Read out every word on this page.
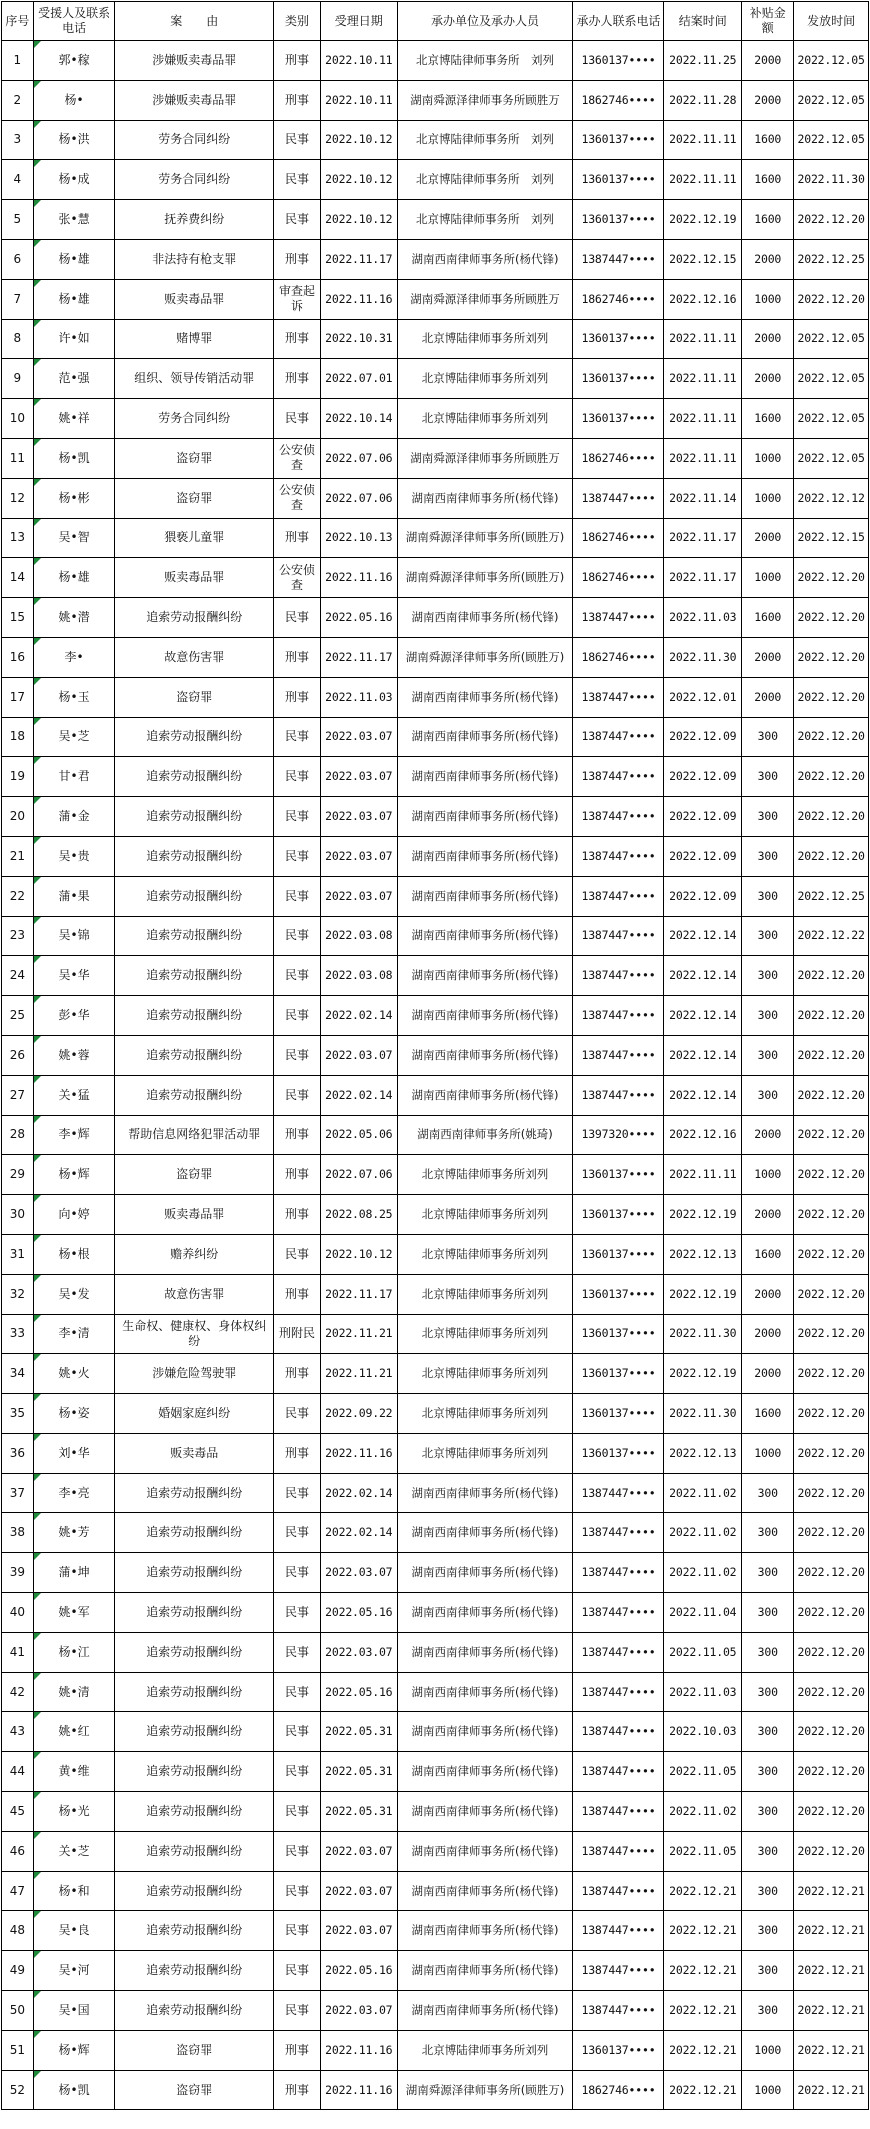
序号	受援人及联系电话	案　　由	类别	受理日期	承办单位及承办人员	承办人联系电话	结案时间	补贴金额	发放时间
1	郭•稼	涉嫌贩卖毒品罪	刑事	2022.10.11	北京博陆律师事务所　刘列	1360137••••	2022.11.25	2000	2022.12.05
2	杨•	涉嫌贩卖毒品罪	刑事	2022.10.11	湖南舜源泽律师事务所顾胜万	1862746••••	2022.11.28	2000	2022.12.05
3	杨•洪	劳务合同纠纷	民事	2022.10.12	北京博陆律师事务所　刘列	1360137••••	2022.11.11	1600	2022.12.05
4	杨•成	劳务合同纠纷	民事	2022.10.12	北京博陆律师事务所　刘列	1360137••••	2022.11.11	1600	2022.11.30
5	张•慧	抚养费纠纷	民事	2022.10.12	北京博陆律师事务所　刘列	1360137••••	2022.12.19	1600	2022.12.20
6	杨•雄	非法持有枪支罪	刑事	2022.11.17	湖南西南律师事务所(杨代锋)	1387447••••	2022.12.15	2000	2022.12.25
7	杨•雄	贩卖毒品罪	审查起诉	2022.11.16	湖南舜源泽律师事务所顾胜万	1862746••••	2022.12.16	1000	2022.12.20
8	许•如	赌博罪	刑事	2022.10.31	北京博陆律师事务所刘列	1360137••••	2022.11.11	2000	2022.12.05
9	范•强	组织、领导传销活动罪	刑事	2022.07.01	北京博陆律师事务所刘列	1360137••••	2022.11.11	2000	2022.12.05
10	姚•祥	劳务合同纠纷	民事	2022.10.14	北京博陆律师事务所刘列	1360137••••	2022.11.11	1600	2022.12.05
11	杨•凯	盗窃罪	公安侦查	2022.07.06	湖南舜源泽律师事务所顾胜万	1862746••••	2022.11.11	1000	2022.12.05
12	杨•彬	盗窃罪	公安侦查	2022.07.06	湖南西南律师事务所(杨代锋)	1387447••••	2022.11.14	1000	2022.12.12
13	吴•智	猥亵儿童罪	刑事	2022.10.13	湖南舜源泽律师事务所(顾胜万)	1862746••••	2022.11.17	2000	2022.12.15
14	杨•雄	贩卖毒品罪	公安侦查	2022.11.16	湖南舜源泽律师事务所(顾胜万)	1862746••••	2022.11.17	1000	2022.12.20
15	姚•潜	追索劳动报酬纠纷	民事	2022.05.16	湖南西南律师事务所(杨代锋)	1387447••••	2022.11.03	1600	2022.12.20
16	李•	故意伤害罪	刑事	2022.11.17	湖南舜源泽律师事务所(顾胜万)	1862746••••	2022.11.30	2000	2022.12.20
17	杨•玉	盗窃罪	刑事	2022.11.03	湖南西南律师事务所(杨代锋)	1387447••••	2022.12.01	2000	2022.12.20
18	吴•芝	追索劳动报酬纠纷	民事	2022.03.07	湖南西南律师事务所(杨代锋)	1387447••••	2022.12.09	300	2022.12.20
19	甘•君	追索劳动报酬纠纷	民事	2022.03.07	湖南西南律师事务所(杨代锋)	1387447••••	2022.12.09	300	2022.12.20
20	蒲•金	追索劳动报酬纠纷	民事	2022.03.07	湖南西南律师事务所(杨代锋)	1387447••••	2022.12.09	300	2022.12.20
21	吴•贵	追索劳动报酬纠纷	民事	2022.03.07	湖南西南律师事务所(杨代锋)	1387447••••	2022.12.09	300	2022.12.20
22	蒲•果	追索劳动报酬纠纷	民事	2022.03.07	湖南西南律师事务所(杨代锋)	1387447••••	2022.12.09	300	2022.12.25
23	吴•锦	追索劳动报酬纠纷	民事	2022.03.08	湖南西南律师事务所(杨代锋)	1387447••••	2022.12.14	300	2022.12.22
24	吴•华	追索劳动报酬纠纷	民事	2022.03.08	湖南西南律师事务所(杨代锋)	1387447••••	2022.12.14	300	2022.12.20
25	彭•华	追索劳动报酬纠纷	民事	2022.02.14	湖南西南律师事务所(杨代锋)	1387447••••	2022.12.14	300	2022.12.20
26	姚•蓉	追索劳动报酬纠纷	民事	2022.03.07	湖南西南律师事务所(杨代锋)	1387447••••	2022.12.14	300	2022.12.20
27	关•猛	追索劳动报酬纠纷	民事	2022.02.14	湖南西南律师事务所(杨代锋)	1387447••••	2022.12.14	300	2022.12.20
28	李•辉	帮助信息网络犯罪活动罪	刑事	2022.05.06	湖南西南律师事务所(姚琦)	1397320••••	2022.12.16	2000	2022.12.20
29	杨•辉	盗窃罪	刑事	2022.07.06	北京博陆律师事务所刘列	1360137••••	2022.11.11	1000	2022.12.20
30	向•婷	贩卖毒品罪	刑事	2022.08.25	北京博陆律师事务所刘列	1360137••••	2022.12.19	2000	2022.12.20
31	杨•根	赡养纠纷	民事	2022.10.12	北京博陆律师事务所刘列	1360137••••	2022.12.13	1600	2022.12.20
32	吴•发	故意伤害罪	刑事	2022.11.17	北京博陆律师事务所刘列	1360137••••	2022.12.19	2000	2022.12.20
33	李•清	生命权、健康权、身体权纠纷	刑附民	2022.11.21	北京博陆律师事务所刘列	1360137••••	2022.11.30	2000	2022.12.20
34	姚•火	涉嫌危险驾驶罪	刑事	2022.11.21	北京博陆律师事务所刘列	1360137••••	2022.12.19	2000	2022.12.20
35	杨•姿	婚姻家庭纠纷	民事	2022.09.22	北京博陆律师事务所刘列	1360137••••	2022.11.30	1600	2022.12.20
36	刘•华	贩卖毒品	刑事	2022.11.16	北京博陆律师事务所刘列	1360137••••	2022.12.13	1000	2022.12.20
37	李•亮	追索劳动报酬纠纷	民事	2022.02.14	湖南西南律师事务所(杨代锋)	1387447••••	2022.11.02	300	2022.12.20
38	姚•芳	追索劳动报酬纠纷	民事	2022.02.14	湖南西南律师事务所(杨代锋)	1387447••••	2022.11.02	300	2022.12.20
39	蒲•坤	追索劳动报酬纠纷	民事	2022.03.07	湖南西南律师事务所(杨代锋)	1387447••••	2022.11.02	300	2022.12.20
40	姚•军	追索劳动报酬纠纷	民事	2022.05.16	湖南西南律师事务所(杨代锋)	1387447••••	2022.11.04	300	2022.12.20
41	杨•江	追索劳动报酬纠纷	民事	2022.03.07	湖南西南律师事务所(杨代锋)	1387447••••	2022.11.05	300	2022.12.20
42	姚•清	追索劳动报酬纠纷	民事	2022.05.16	湖南西南律师事务所(杨代锋)	1387447••••	2022.11.03	300	2022.12.20
43	姚•红	追索劳动报酬纠纷	民事	2022.05.31	湖南西南律师事务所(杨代锋)	1387447••••	2022.10.03	300	2022.12.20
44	黄•维	追索劳动报酬纠纷	民事	2022.05.31	湖南西南律师事务所(杨代锋)	1387447••••	2022.11.05	300	2022.12.20
45	杨•光	追索劳动报酬纠纷	民事	2022.05.31	湖南西南律师事务所(杨代锋)	1387447••••	2022.11.02	300	2022.12.20
46	关•芝	追索劳动报酬纠纷	民事	2022.03.07	湖南西南律师事务所(杨代锋)	1387447••••	2022.11.05	300	2022.12.20
47	杨•和	追索劳动报酬纠纷	民事	2022.03.07	湖南西南律师事务所(杨代锋)	1387447••••	2022.12.21	300	2022.12.21
48	吴•良	追索劳动报酬纠纷	民事	2022.03.07	湖南西南律师事务所(杨代锋)	1387447••••	2022.12.21	300	2022.12.21
49	吴•河	追索劳动报酬纠纷	民事	2022.05.16	湖南西南律师事务所(杨代锋)	1387447••••	2022.12.21	300	2022.12.21
50	吴•国	追索劳动报酬纠纷	民事	2022.03.07	湖南西南律师事务所(杨代锋)	1387447••••	2022.12.21	300	2022.12.21
51	杨•辉	盗窃罪	刑事	2022.11.16	北京博陆律师事务所刘列	1360137••••	2022.12.21	1000	2022.12.21
52	杨•凯	盗窃罪	刑事	2022.11.16	湖南舜源泽律师事务所(顾胜万)	1862746••••	2022.12.21	1000	2022.12.21
